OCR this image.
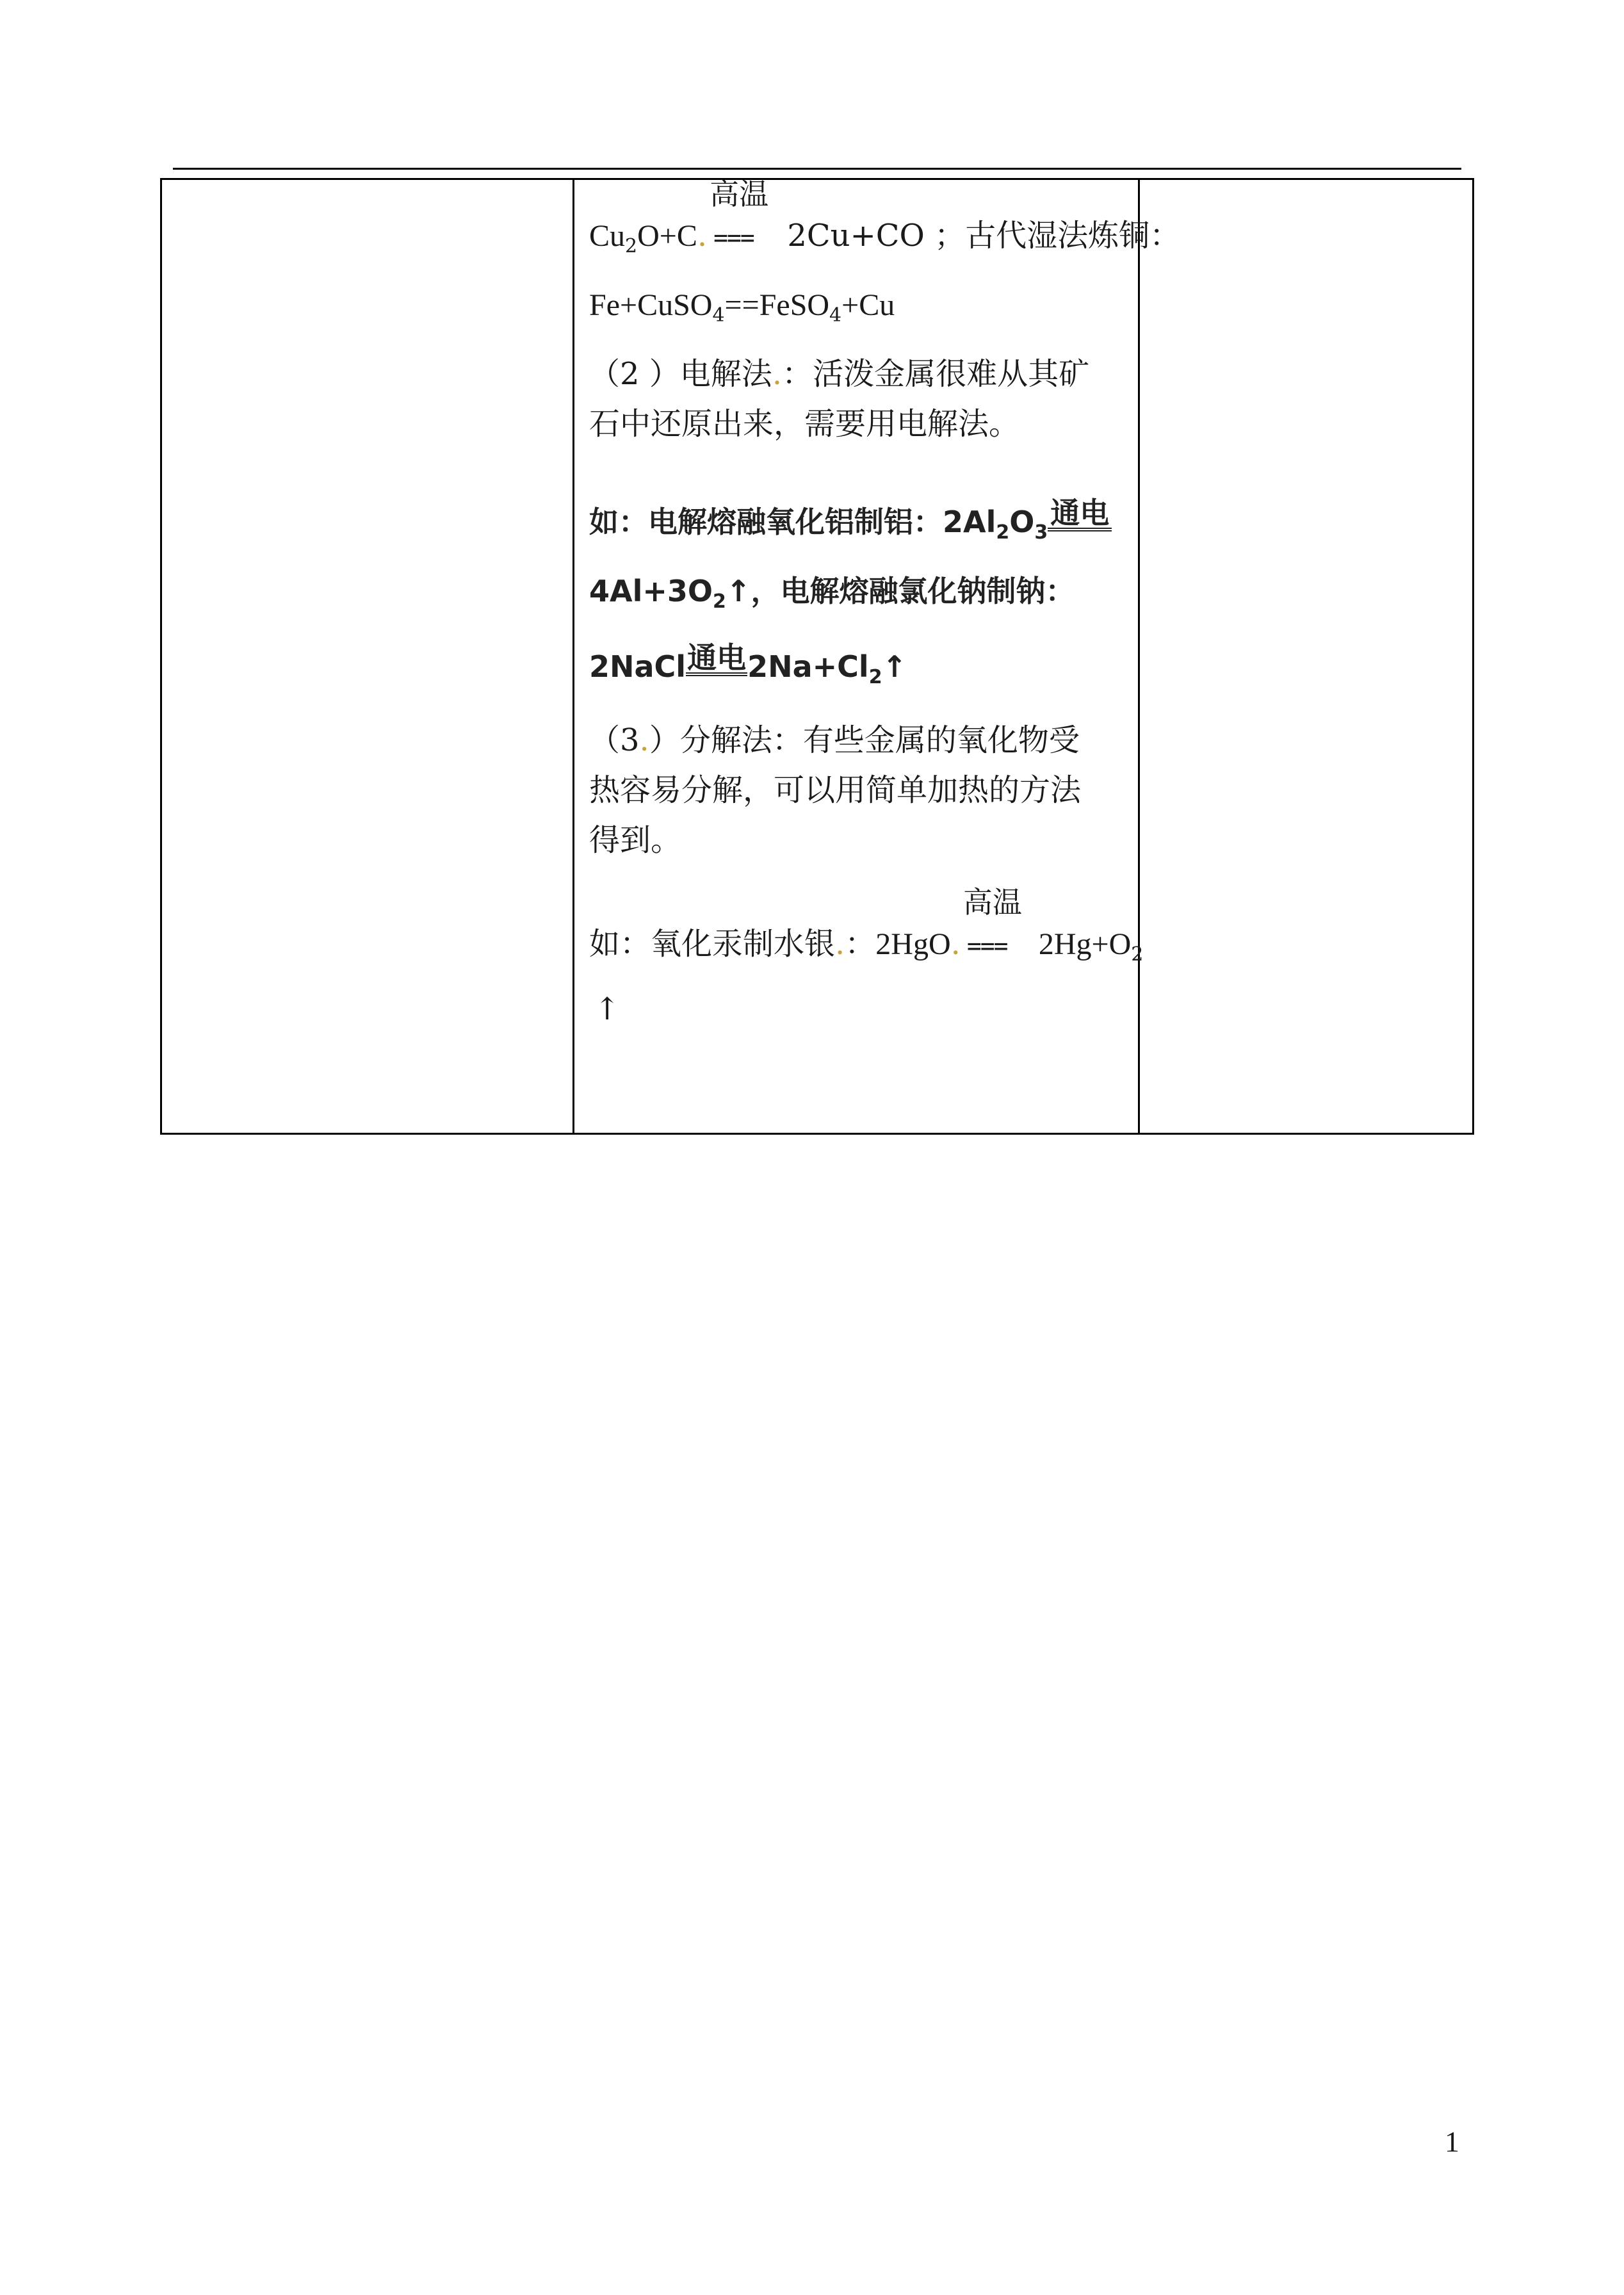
$Cu_2O+C$.
高温
=== 2Cu+CO ；古代湿法炼铜：
Fe+CuSO$_4$==FeSO$_4$+Cu
（2 ）电解法.：活泼金属很难从其矿
石中还原出来，需要用电解法。
如：电解熔融氧化铝制铝：$2Al_2O_3$通电
$4Al+3O_2↑$，电解熔融氯化钠制钠：
2NaCl通电$2Na+Cl_2↑$
（3.）分解法：有些金属的氧化物受
热容易分解，可以用简单加热的方法
得到。
如：氧化汞制水银.：2HgO.
高温
=== $2Hg+O_2$
↑
1
